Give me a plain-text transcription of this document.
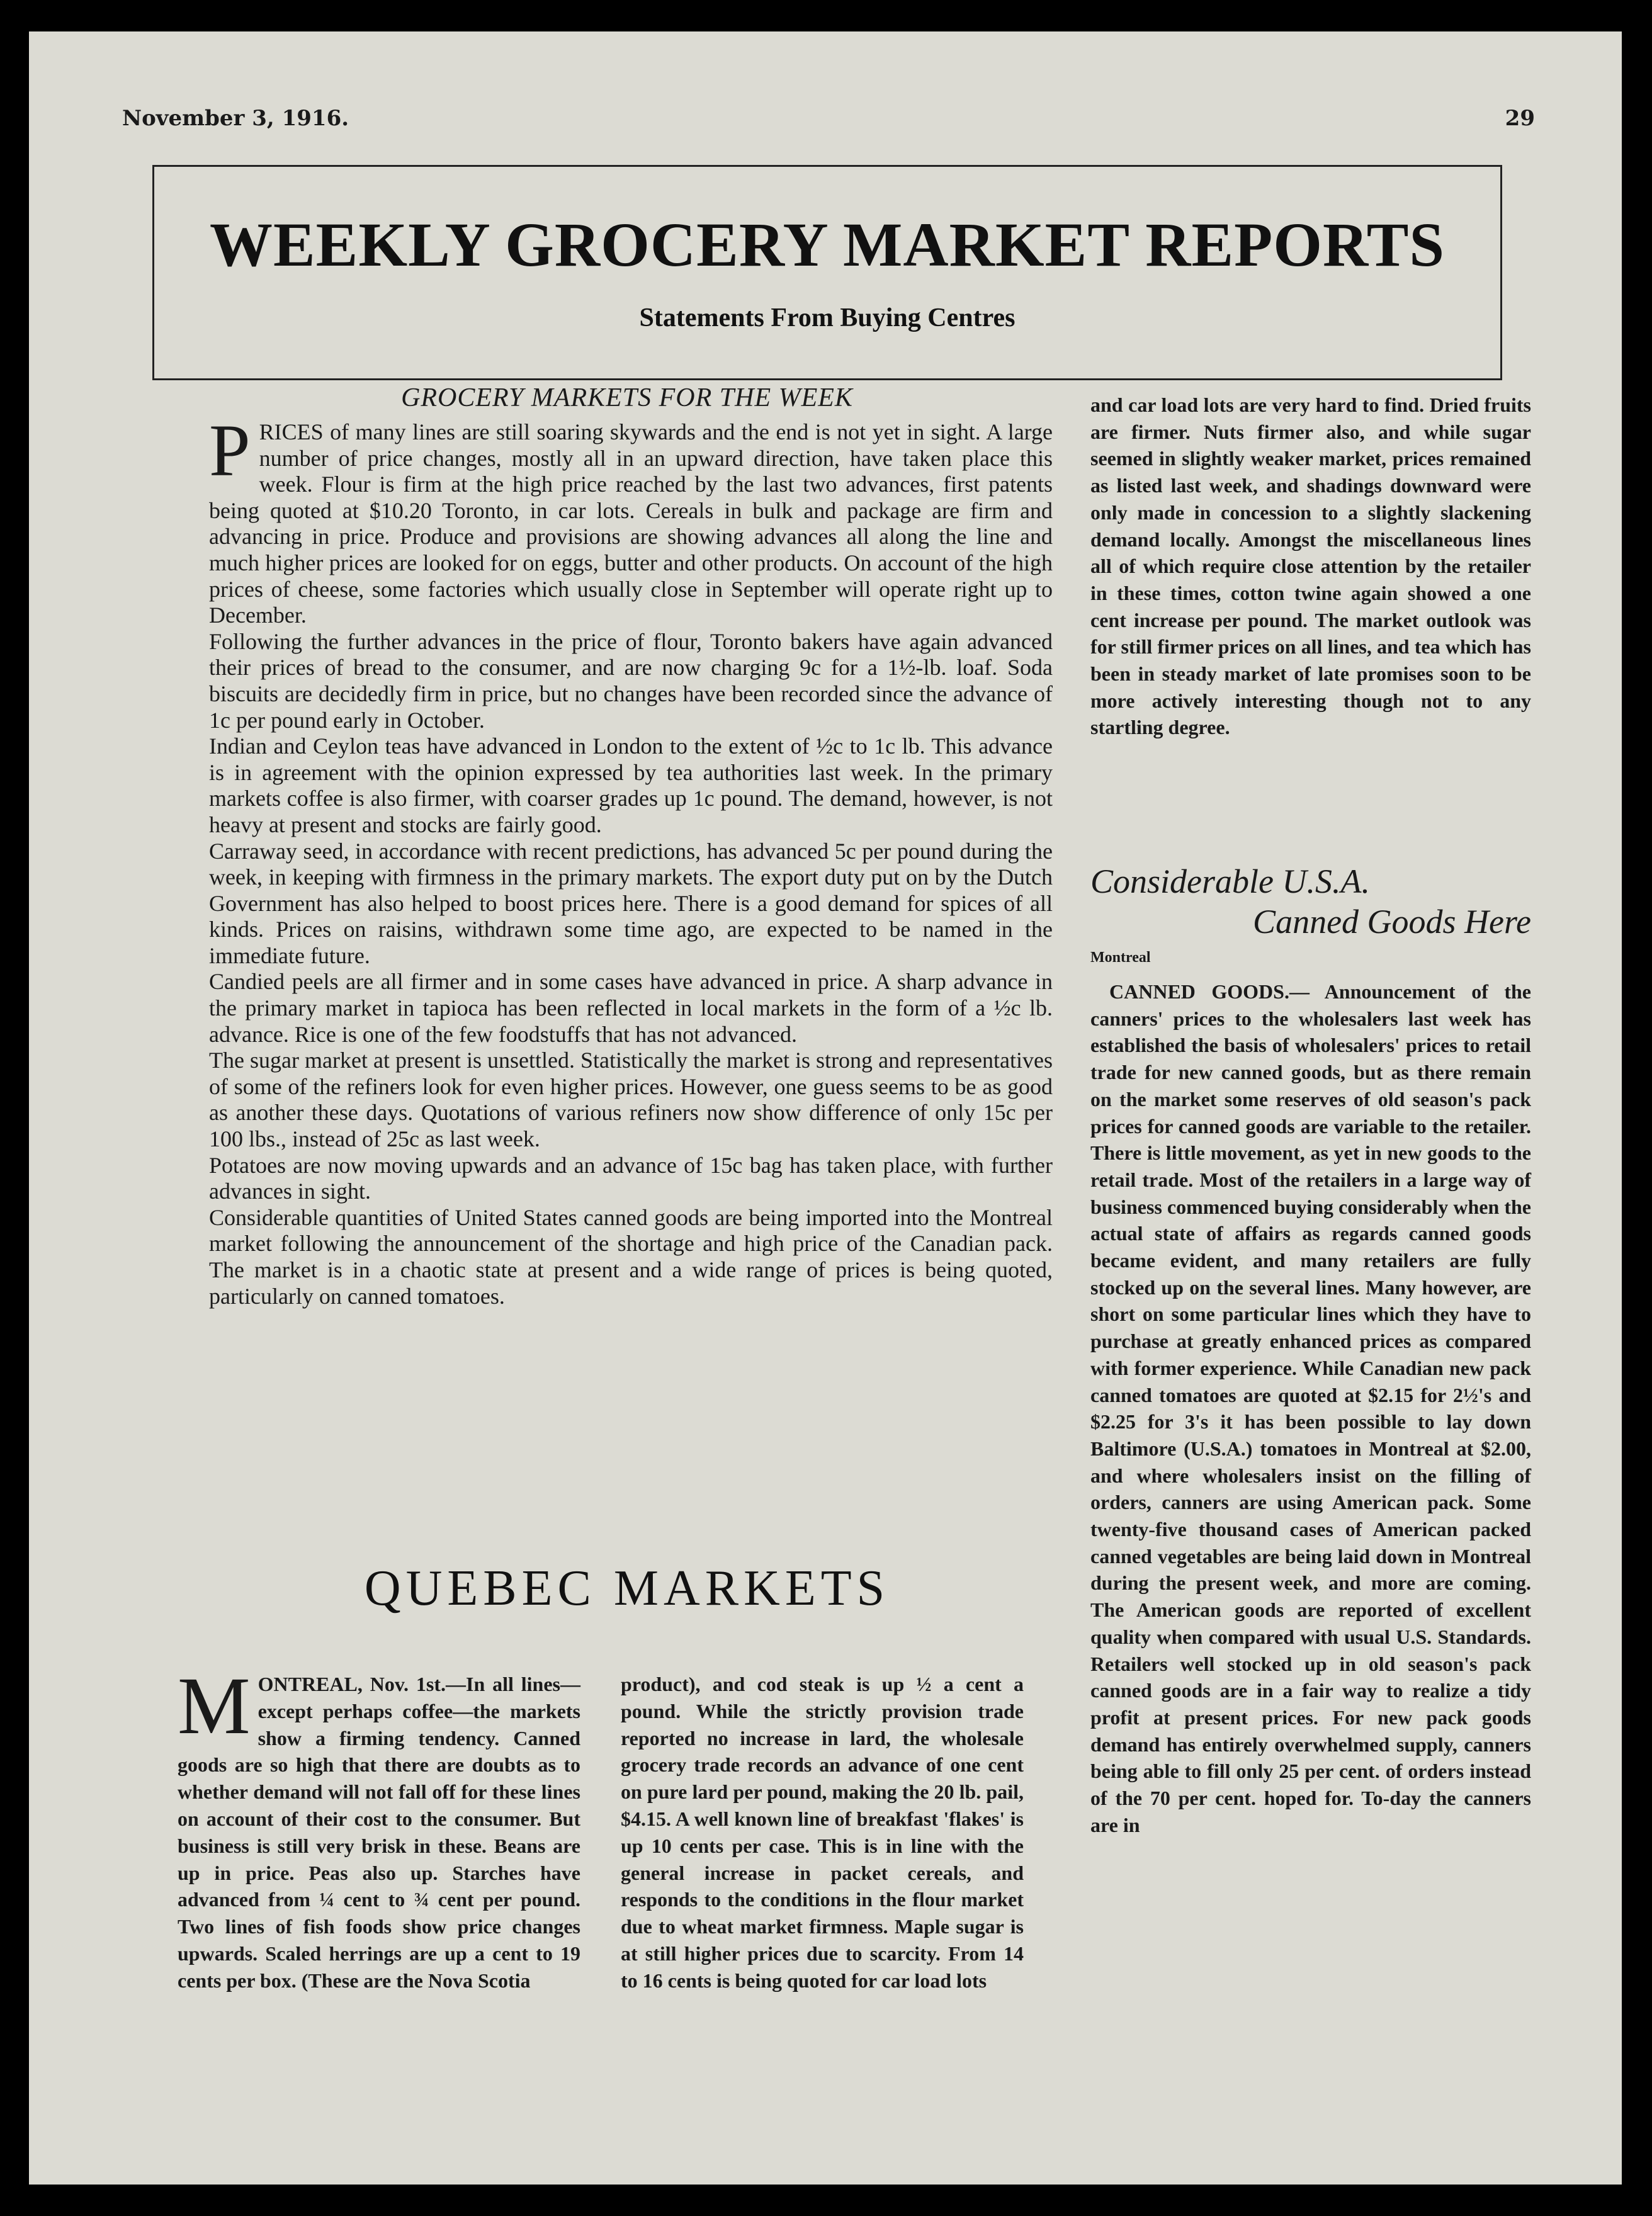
November 3, 1916.	29
WEEKLY GROCERY MARKET REPORTS
Statements From Buying Centres
GROCERY MARKETS FOR THE WEEK

PRICES of many lines are still soaring skywards and the end is not yet in sight. A large number of price changes, mostly all in an upward direction, have taken place this week. Flour is firm at the high price reached by the last two advances, first patents being quoted at $10.20 Toronto, in car lots. Cereals in bulk and package are firm and advancing in price. Produce and provisions are showing advances all along the line and much higher prices are looked for on eggs, butter and other products. On account of the high prices of cheese, some factories which usually close in September will operate right up to December.

Following the further advances in the price of flour, Toronto bakers have again advanced their prices of bread to the consumer, and are now charging 9c for a 1½-lb. loaf. Soda biscuits are decidedly firm in price, but no changes have been recorded since the advance of 1c per pound early in October.

Indian and Ceylon teas have advanced in London to the extent of ½c to 1c lb. This advance is in agreement with the opinion expressed by tea authorities last week. In the primary markets coffee is also firmer, with coarser grades up 1c pound. The demand, however, is not heavy at present and stocks are fairly good.

Carraway seed, in accordance with recent predictions, has advanced 5c per pound during the week, in keeping with firmness in the primary markets. The export duty put on by the Dutch Government has also helped to boost prices here. There is a good demand for spices of all kinds. Prices on raisins, withdrawn some time ago, are expected to be named in the immediate future.

Candied peels are all firmer and in some cases have advanced in price. A sharp advance in the primary market in tapioca has been reflected in local markets in the form of a ½c lb. advance. Rice is one of the few foodstuffs that has not advanced.

The sugar market at present is unsettled. Statistically the market is strong and representatives of some of the refiners look for even higher prices. However, one guess seems to be as good as another these days. Quotations of various refiners now show difference of only 15c per 100 lbs., instead of 25c as last week.

Potatoes are now moving upwards and an advance of 15c bag has taken place, with further advances in sight.

Considerable quantities of United States canned goods are being imported into the Montreal market following the announcement of the shortage and high price of the Canadian pack. The market is in a chaotic state at present and a wide range of prices is being quoted, particularly on canned tomatoes.

and car load lots are very hard to find. Dried fruits are firmer. Nuts firmer also, and while sugar seemed in slightly weaker market, prices remained as listed last week, and shadings downward were only made in concession to a slightly slackening demand locally. Amongst the miscellaneous lines all of which require close attention by the retailer in these times, cotton twine again showed a one cent increase per pound. The market outlook was for still firmer prices on all lines, and tea which has been in steady market of late promises soon to be more actively interesting though not to any startling degree.

Considerable U.S.A.
Canned Goods Here
Montreal

CANNED GOODS.— Announcement of the canners' prices to the wholesalers last week has established the basis of wholesalers' prices to retail trade for new canned goods, but as there remain on the market some reserves of old season's pack prices for canned goods are variable to the retailer. There is little movement, as yet in new goods to the retail trade. Most of the retailers in a large way of business commenced buying considerably when the actual state of affairs as regards canned goods became evident, and many retailers are fully stocked up on the several lines. Many however, are short on some particular lines which they have to purchase at greatly enhanced prices as compared with former experience. While Canadian new pack canned tomatoes are quoted at $2.15 for 2½'s and $2.25 for 3's it has been possible to lay down Baltimore (U.S.A.) tomatoes in Montreal at $2.00, and where wholesalers insist on the filling of orders, canners are using American pack. Some twenty-five thousand cases of American packed canned vegetables are being laid down in Montreal during the present week, and more are coming. The American goods are reported of excellent quality when compared with usual U.S. Standards. Retailers well stocked up in old season's pack canned goods are in a fair way to realize a tidy profit at present prices. For new pack goods demand has entirely overwhelmed supply, canners being able to fill only 25 per cent. of orders instead of the 70 per cent. hoped for. To-day the canners are in

QUEBEC MARKETS

MONTREAL, Nov. 1st.—In all lines—except perhaps coffee—the markets show a firming tendency. Canned goods are so high that there are doubts as to whether demand will not fall off for these lines on account of their cost to the consumer. But business is still very brisk in these. Beans are up in price. Peas also up. Starches have advanced from ¼ cent to ¾ cent per pound. Two lines of fish foods show price changes upwards. Scaled herrings are up a cent to 19 cents per box. (These are the Nova Scotia

product), and cod steak is up ½ a cent a pound. While the strictly provision trade reported no increase in lard, the wholesale grocery trade records an advance of one cent on pure lard per pound, making the 20 lb. pail, $4.15. A well known line of breakfast 'flakes' is up 10 cents per case. This is in line with the general increase in packet cereals, and responds to the conditions in the flour market due to wheat market firmness. Maple sugar is at still higher prices due to scarcity. From 14 to 16 cents is being quoted for car load lots
